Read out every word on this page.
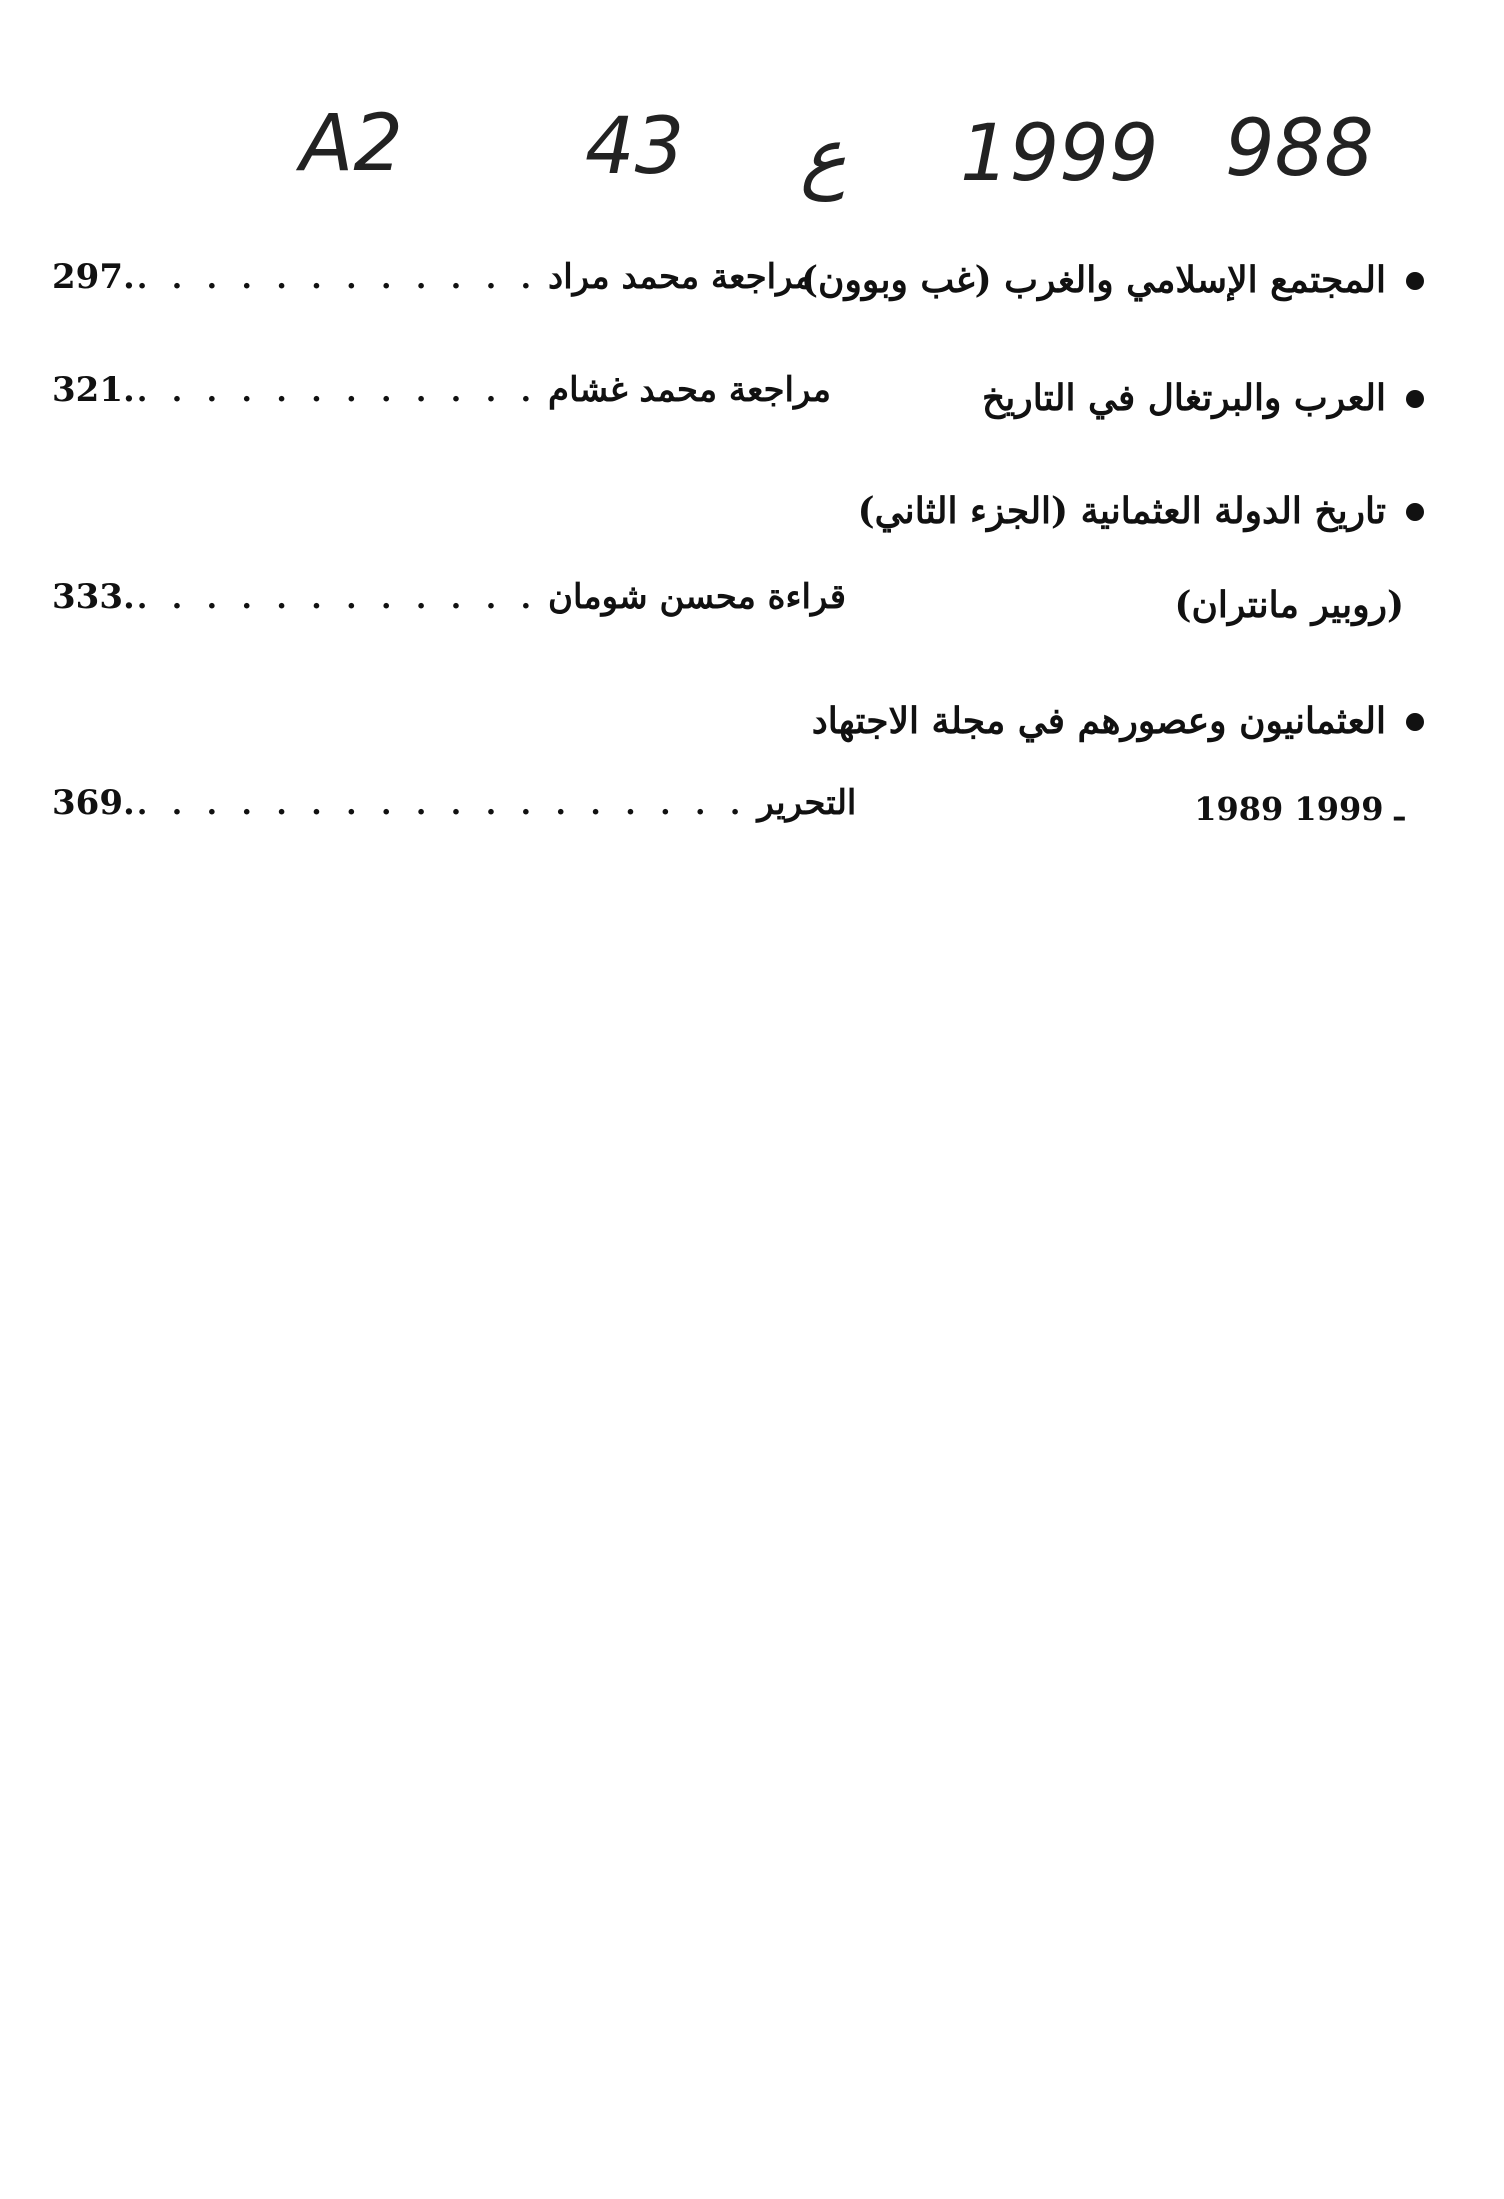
A2 43 ع 1999 988
المجتمع الإسلامي والغرب (غب وبوون)
297. . . . . . . . . . . . . مراجعة محمد مراد
العرب والبرتغال في التاريخ
321. . . . . . . . . . . . . مراجعة محمد غشام
تاريخ الدولة العثمانية (الجزء الثاني)
(روبير مانتران)
333. . . . . . . . . . . . . قراءة محسن شومان
العثمانيون وعصورهم في مجلة الاجتهاد
1989 ـ 1999
369. . . . . . . . . . . . . . . . . . . التحرير
